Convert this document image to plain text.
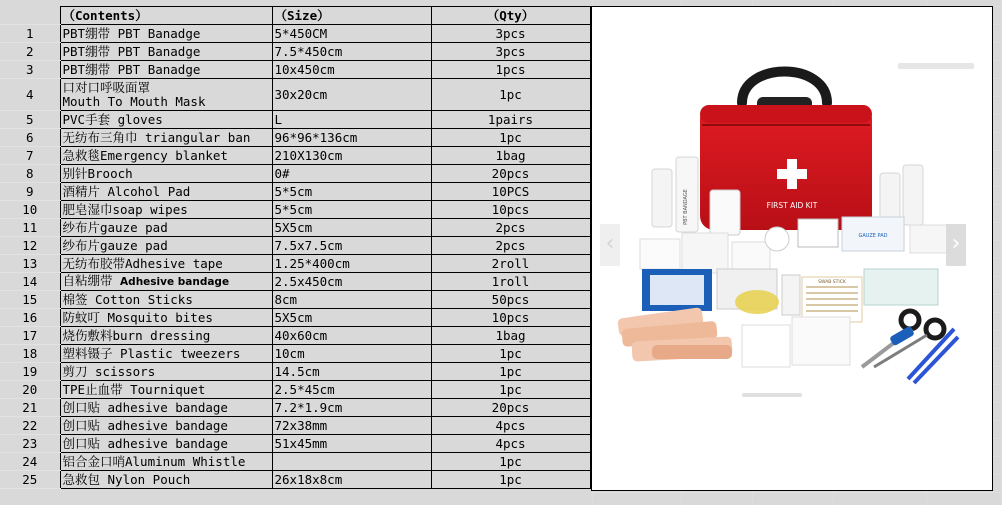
	（Contents）	（Size）	（Qty）
1	PBT绷带 PBT Banadge	5*450CM	3pcs
2	PBT绷带 PBT Banadge	7.5*450cm	3pcs
3	PBT绷带 PBT Banadge	10x450cm	1pcs
4	口对口呼吸面罩
Mouth To Mouth Mask	30x20cm	1pc
5	PVC手套 gloves	L	1pairs
6	无纺布三角巾 triangular ban	96*96*136cm	1pc
7	急救毯Emergency blanket	210X130cm	1bag
8	别针Brooch	0#	20pcs
9	酒精片 Alcohol Pad	5*5cm	10PCS
10	肥皂湿巾soap wipes	5*5cm	10pcs
11	纱布片gauze pad	5X5cm	2pcs
12	纱布片gauze pad	7.5x7.5cm	2pcs
13	无纺布胶带Adhesive tape	1.25*400cm	2roll
14	自粘绷带 Adhesive bandage	2.5x450cm	1roll
15	棉签 Cotton Sticks	8cm	50pcs
16	防蚊叮 Mosquito bites	5X5cm	10pcs
17	烧伤敷料burn dressing	40x60cm	1bag
18	塑料镊子 Plastic tweezers	10cm	1pc
19	剪刀 scissors	14.5cm	1pc
20	TPE止血带 Tourniquet	2.5*45cm	1pc
21	创口贴 adhesive bandage	7.2*1.9cm	20pcs
22	创口贴 adhesive bandage	72x38mm	4pcs
23	创口贴 adhesive bandage	51x45mm	4pcs
24	铝合金口哨Aluminum Whistle		1pc
25	急救包 Nylon Pouch	26x18x8cm	1pc
FIRST AID KIT
PBT BANDAGE
GAUZE PAD
SWAB STICK
‹	›
